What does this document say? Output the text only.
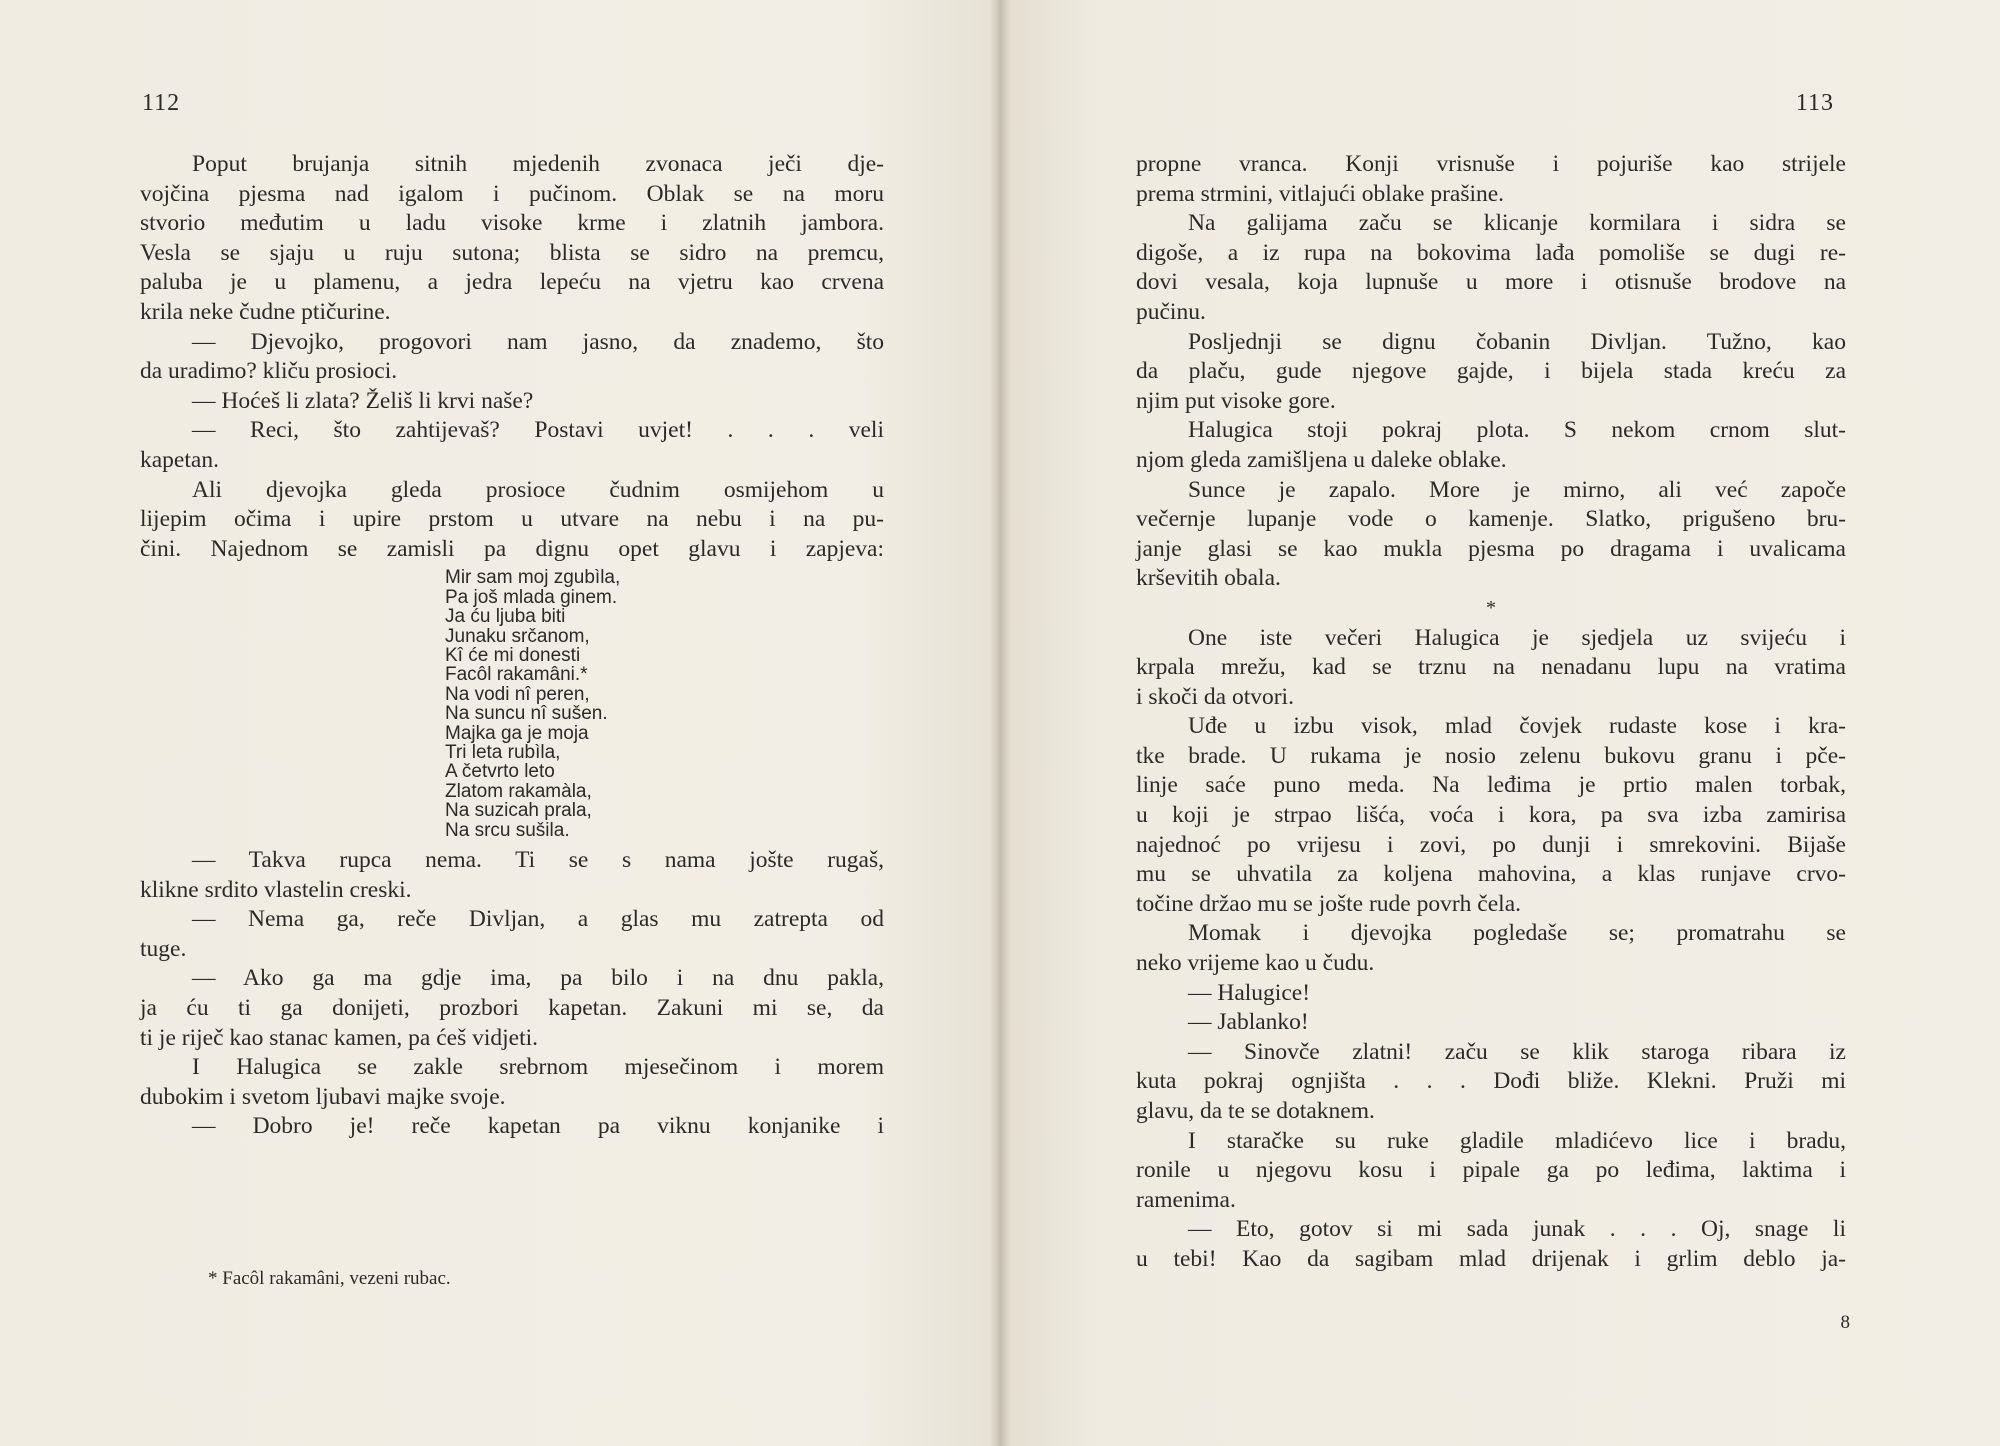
112
Poput brujanja sitnih mjedenih zvonaca ječi dje-
vojčina pjesma nad igalom i pučinom. Oblak se na moru
stvorio međutim u ladu visoke krme i zlatnih jambora.
Vesla se sjaju u ruju sutona; blista se sidro na premcu,
paluba je u plamenu, a jedra lepeću na vjetru kao crvena
krila neke čudne ptičurine.
— Djevojko, progovori nam jasno, da znademo, što
da uradimo? kliču prosioci.
— Hoćeš li zlata? Želiš li krvi naše?
— Reci, što zahtijevaš? Postavi uvjet! . . . veli
kapetan.
Ali djevojka gleda prosioce čudnim osmijehom u
lijepim očima i upire prstom u utvare na nebu i na pu-
čini. Najednom se zamisli pa dignu opet glavu i zapjeva:
Mir sam moj zgubìla,
Pa još mlada ginem.
Ja ću ljuba biti
Junaku srčanom,
Kî će mi donesti
Facôl rakamâni.*
Na vodi nî peren,
Na suncu nî sušen.
Majka ga je moja
Tri leta rubìla,
A četvrto leto
Zlatom rakamàla,
Na suzicah prala,
Na srcu sušila.
— Takva rupca nema. Ti se s nama jošte rugaš,
klikne srdito vlastelin creski.
— Nema ga, reče Divljan, a glas mu zatrepta od
tuge.
— Ako ga ma gdje ima, pa bilo i na dnu pakla,
ja ću ti ga donijeti, prozbori kapetan. Zakuni mi se, da
ti je riječ kao stanac kamen, pa ćeš vidjeti.
I Halugica se zakle srebrnom mjesečinom i morem
dubokim i svetom ljubavi majke svoje.
— Dobro je! reče kapetan pa viknu konjanike i
* Facôl rakamâni, vezeni rubac.
113
propne vranca. Konji vrisnuše i pojuriše kao strijele
prema strmini, vitlajući oblake prašine.
Na galijama začu se klicanje kormilara i sidra se
digoše, a iz rupa na bokovima lađa pomoliše se dugi re-
dovi vesala, koja lupnuše u more i otisnuše brodove na
pučinu.
Posljednji se dignu čobanin Divljan. Tužno, kao
da plaču, gude njegove gajde, i bijela stada kreću za
njim put visoke gore.
Halugica stoji pokraj plota. S nekom crnom slut-
njom gleda zamišljena u daleke oblake.
Sunce je zapalo. More je mirno, ali već započe
večernje lupanje vode o kamenje. Slatko, prigušeno bru-
janje glasi se kao mukla pjesma po dragama i uvalicama
krševitih obala.
*
One iste večeri Halugica je sjedjela uz svijeću i
krpala mrežu, kad se trznu na nenadanu lupu na vratima
i skoči da otvori.
Uđe u izbu visok, mlad čovjek rudaste kose i kra-
tke brade. U rukama je nosio zelenu bukovu granu i pče-
linje saće puno meda. Na leđima je prtio malen torbak,
u koji je strpao lišća, voća i kora, pa sva izba zamirisa
najednoć po vrijesu i zovi, po dunji i smrekovini. Bijaše
mu se uhvatila za koljena mahovina, a klas runjave crvo-
točine držao mu se jošte rude povrh čela.
Momak i djevojka pogledaše se; promatrahu se
neko vrijeme kao u čudu.
— Halugice!
— Jablanko!
— Sinovče zlatni! začu se klik staroga ribara iz
kuta pokraj ognjišta . . . Dođi bliže. Klekni. Pruži mi
glavu, da te se dotaknem.
I staračke su ruke gladile mladićevo lice i bradu,
ronile u njegovu kosu i pipale ga po leđima, laktima i
ramenima.
— Eto, gotov si mi sada junak . . . Oj, snage li
u tebi! Kao da sagibam mlad drijenak i grlim deblo ja-
8
